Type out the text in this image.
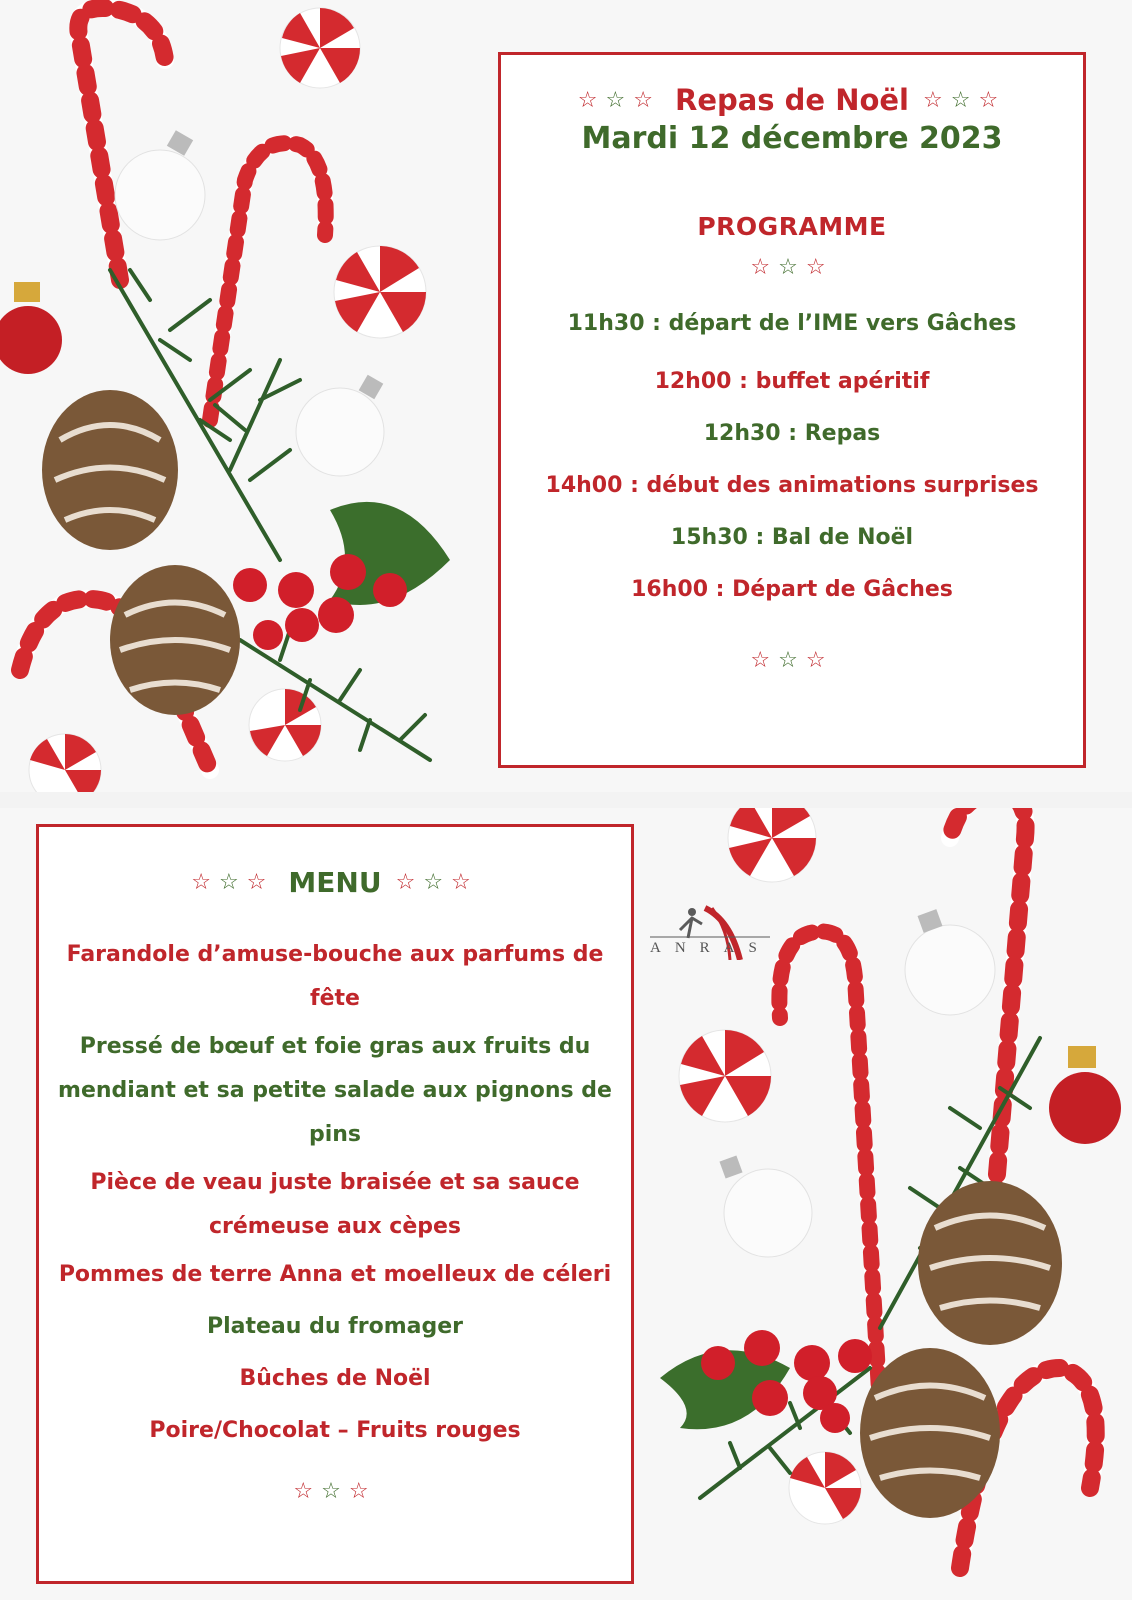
☆☆☆ Repas de Noël ☆☆☆
Mardi 12 décembre 2023
PROGRAMME
☆☆☆
11h30 : départ de l’IME vers Gâches
12h00 : buffet apéritif
12h30 : Repas
14h00 : début des animations surprises
15h30 : Bal de Noël
16h00 : Départ de Gâches
☆☆☆
ANRAS
☆☆☆ MENU ☆☆☆
Farandole d’amuse-bouche aux parfums de fête
Pressé de bœuf et foie gras aux fruits du mendiant et sa petite salade aux pignons de pins
Pièce de veau juste braisée et sa sauce crémeuse aux cèpes
Pommes de terre Anna et moelleux de céleri
Plateau du fromager
Bûches de Noël
Poire/Chocolat – Fruits rouges
☆☆☆
